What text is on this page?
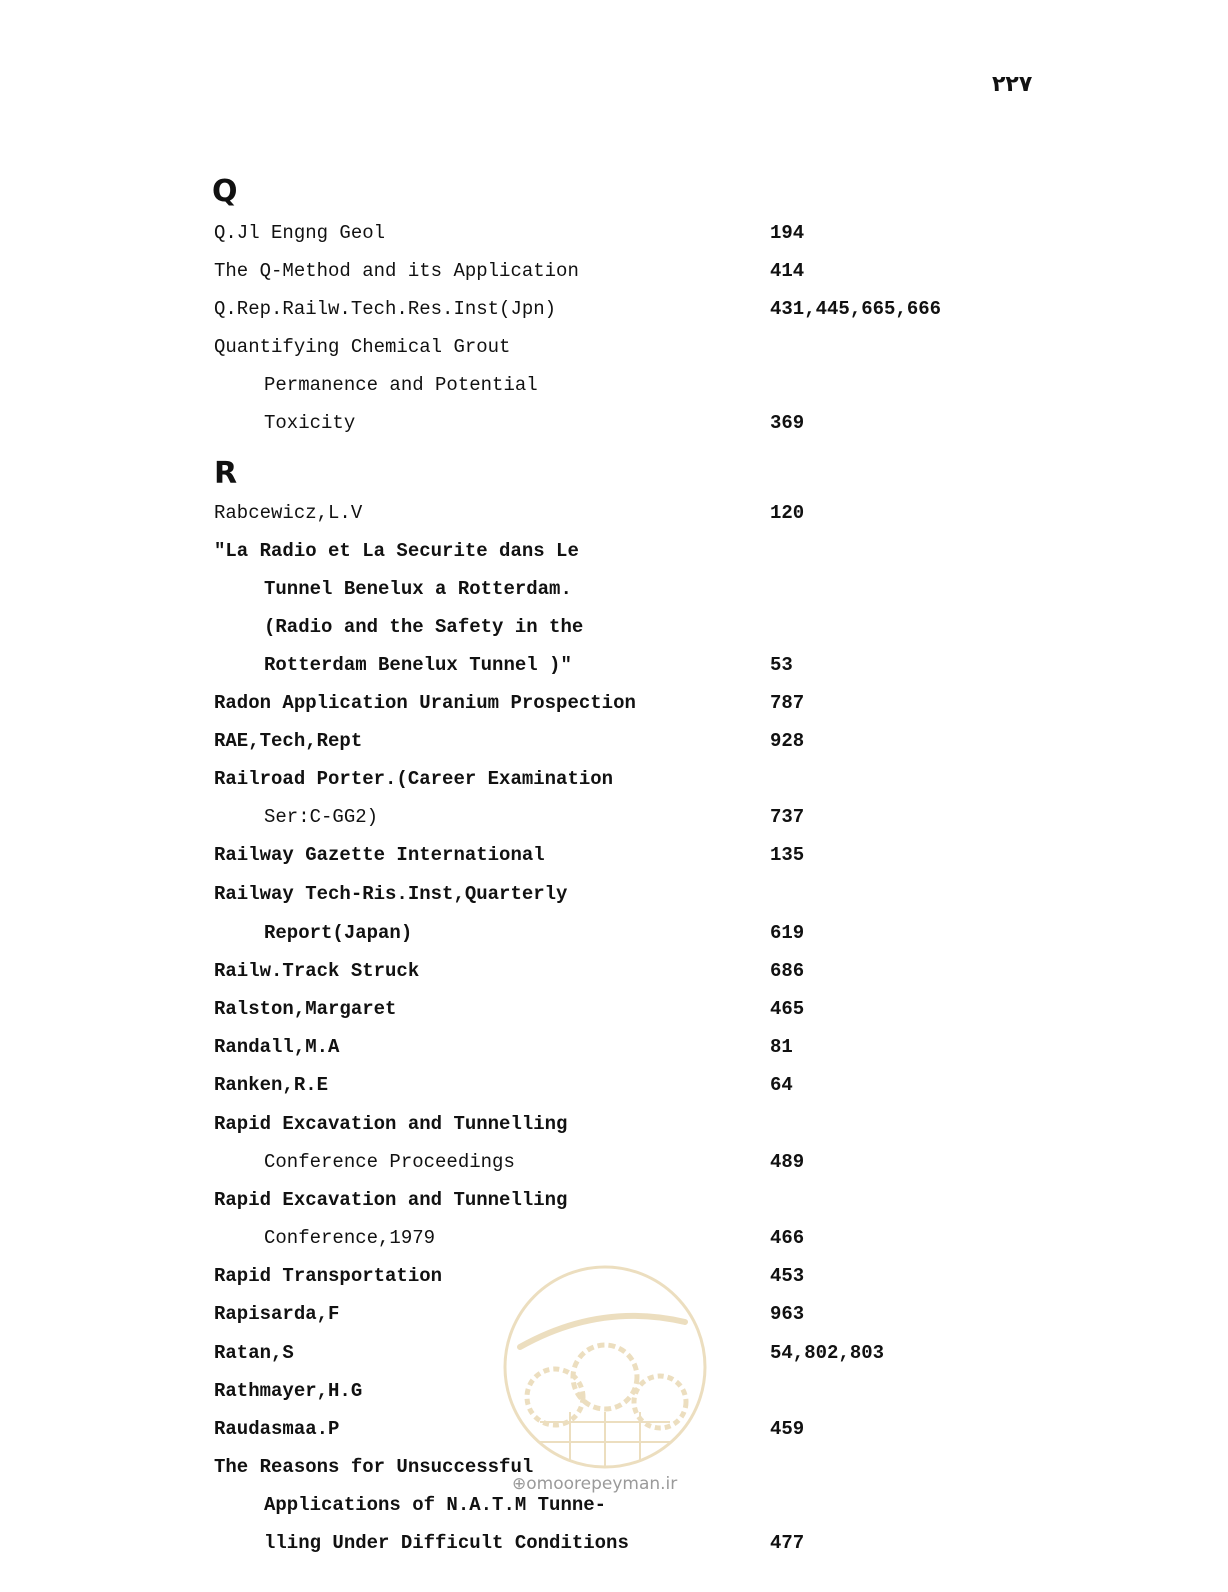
۲۲۷
Q
Q.Jl Engng Geol	194
The Q-Method and its Application	414
Q.Rep.Railw.Tech.Res.Inst(Jpn)	431,445,665,666
Quantifying Chemical Grout
Permanence and Potential
Toxicity	369
R
Rabcewicz,L.V	120
"La Radio et La Securite dans Le
Tunnel Benelux a Rotterdam.
(Radio and the Safety in the
Rotterdam Benelux Tunnel )"	53
Radon Application Uranium Prospection	787
RAE,Tech,Rept	928
Railroad Porter.(Career Examination
Ser:C-GG2)	737
Railway Gazette International	135
Railway Tech-Ris.Inst,Quarterly
Report(Japan)	619
Railw.Track Struck	686
Ralston,Margaret	465
Randall,M.A	81
Ranken,R.E	64
Rapid Excavation and Tunnelling
Conference Proceedings	489
Rapid Excavation and Tunnelling
Conference,1979	466
Rapid Transportation	453
Rapisarda,F	963
Ratan,S	54,802,803
Rathmayer,H.G
Raudasmaa.P	459
The Reasons for Unsuccessful
Applications of N.A.T.M Tunne-
lling Under Difficult Conditions	477
⊕omoorepeyman.ir
